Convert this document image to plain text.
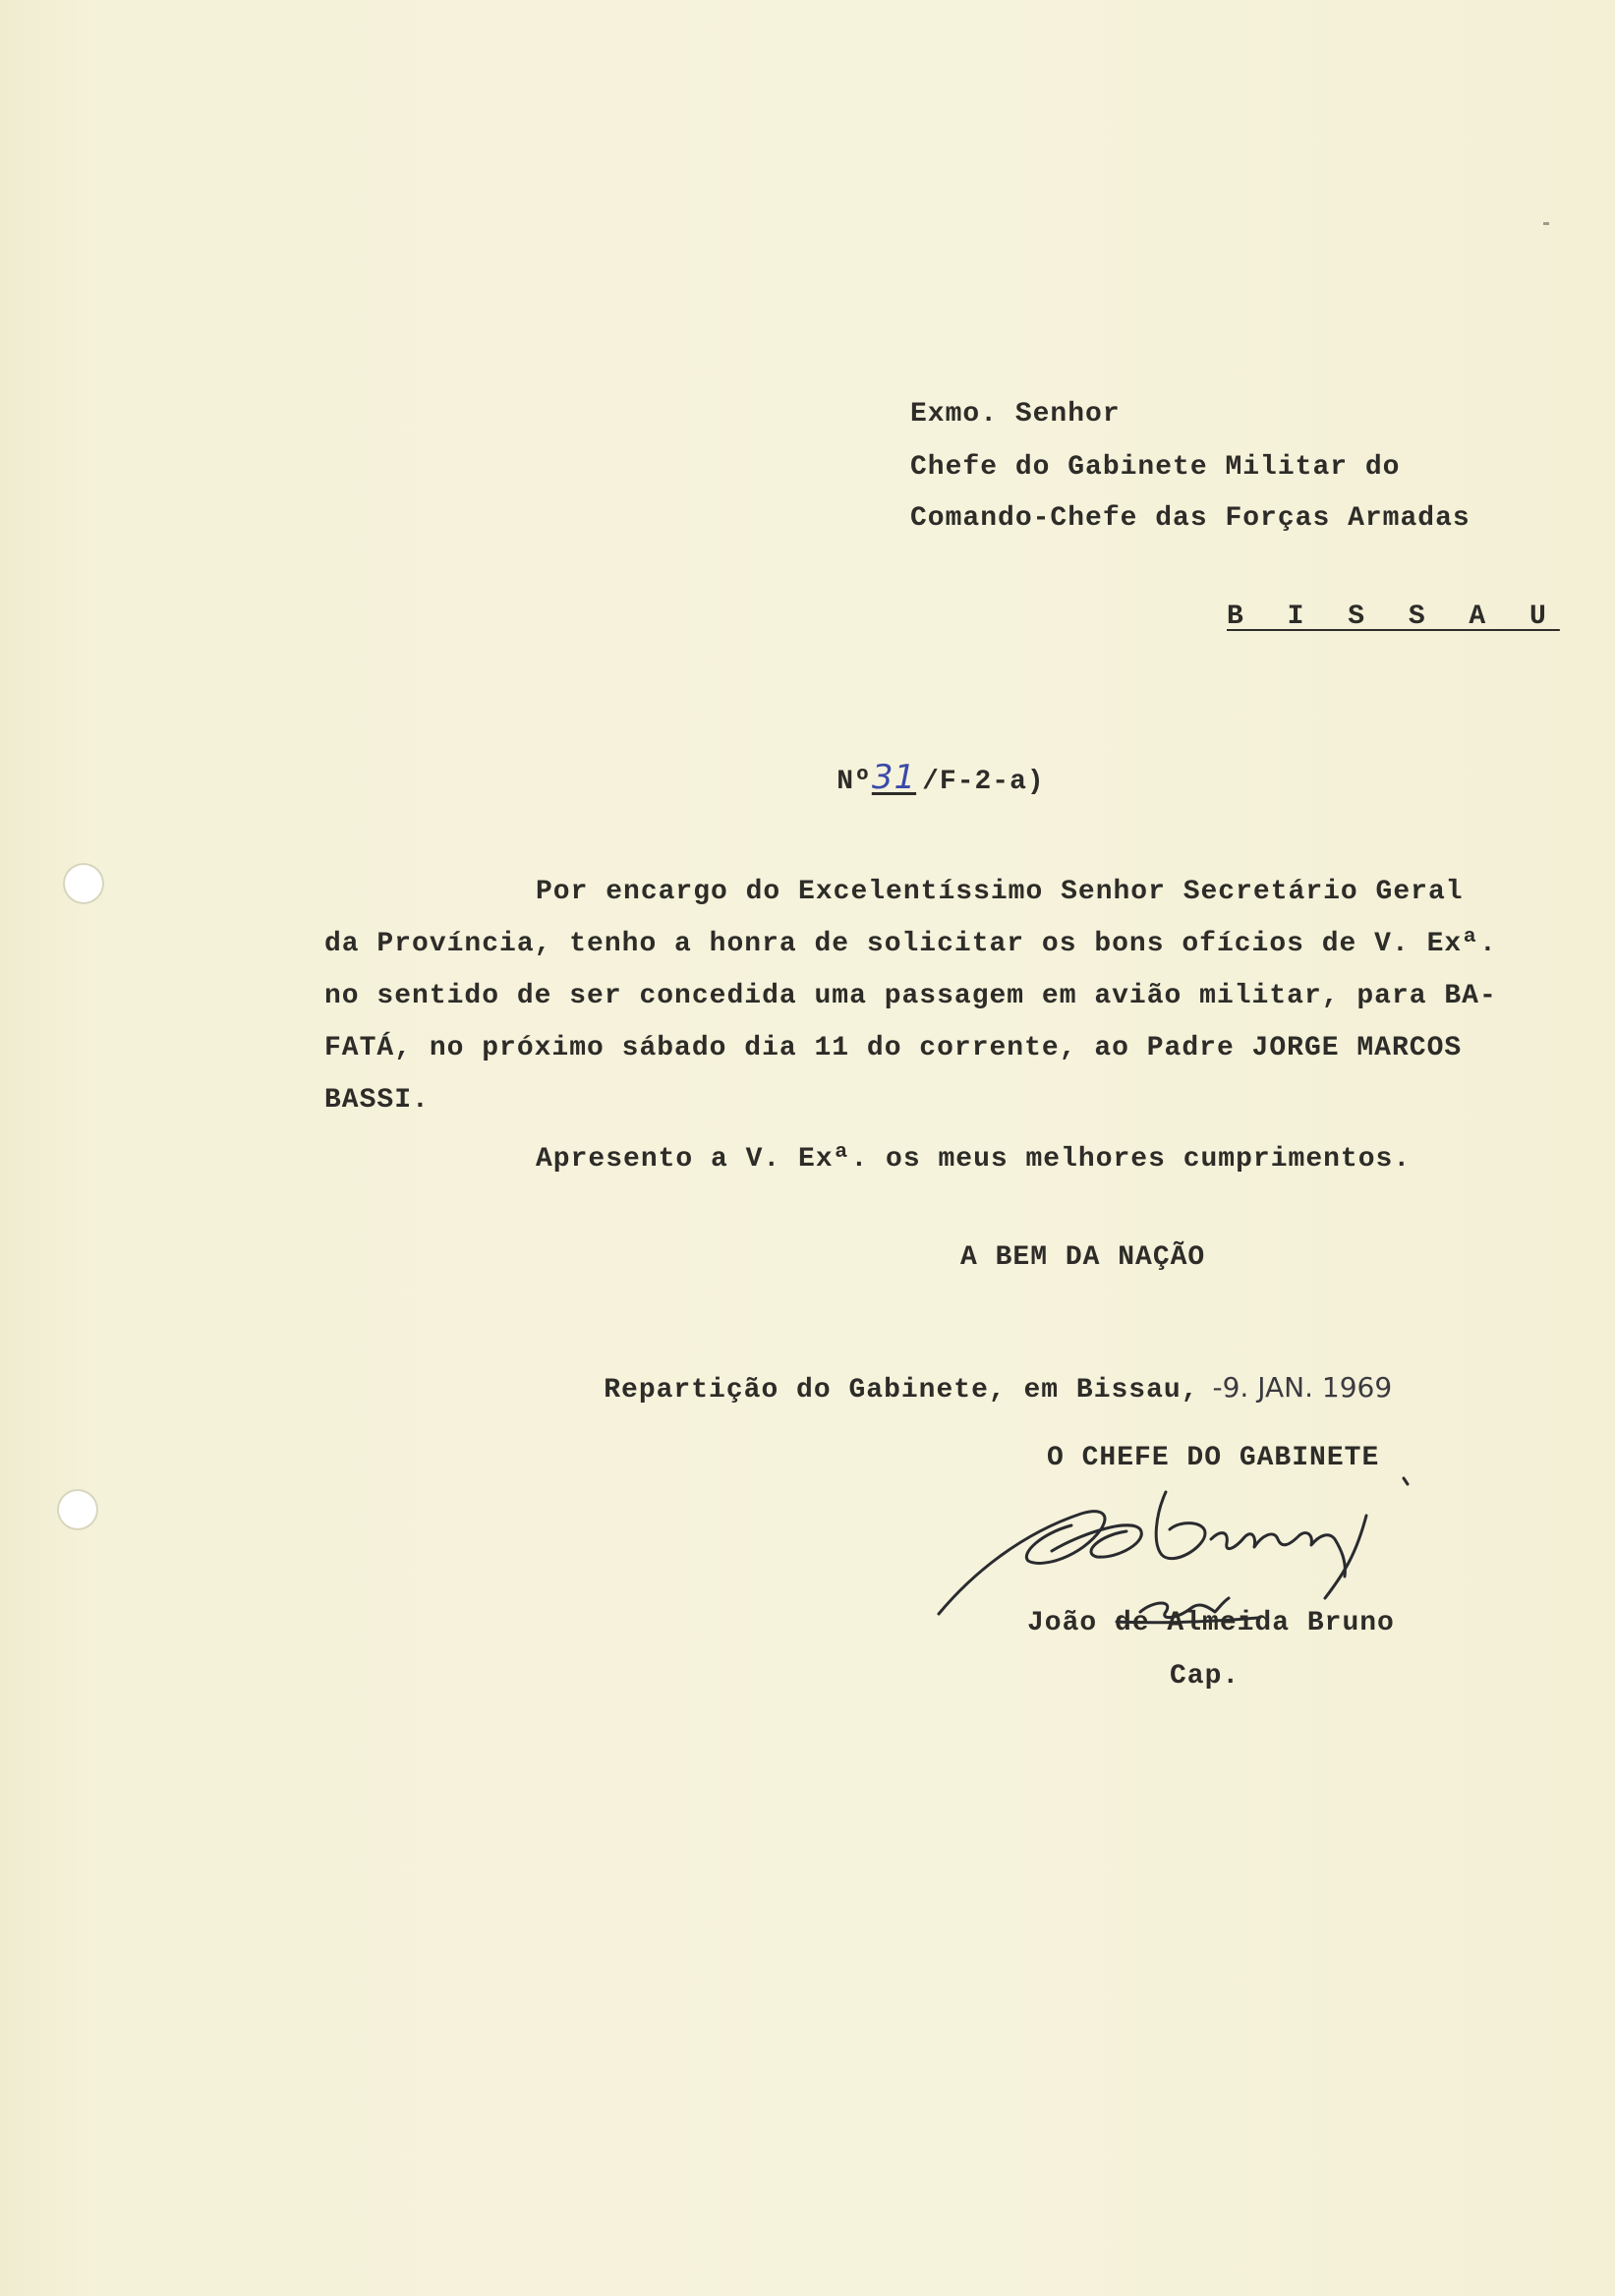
Exmo. Senhor
Chefe do Gabinete Militar do
Comando-Chefe das Forças Armadas
B I S S A U

Nº31 /F-2-a)

Por encargo do Excelentíssimo Senhor Secretário Geral
da Província, tenho a honra de solicitar os bons ofícios de V. Exª.
no sentido de ser concedida uma passagem em avião militar, para BA-
FATÁ, no próximo sábado dia 11 do corrente, ao Padre JORGE MARCOS
BASSI.
Apresento a V. Exª. os meus melhores cumprimentos.
A BEM DA NAÇÃO

Repartição do Gabinete, em Bissau, -9. JAN. 1969

O CHEFE DO GABINETE
João de Almeida Bruno
Cap.
